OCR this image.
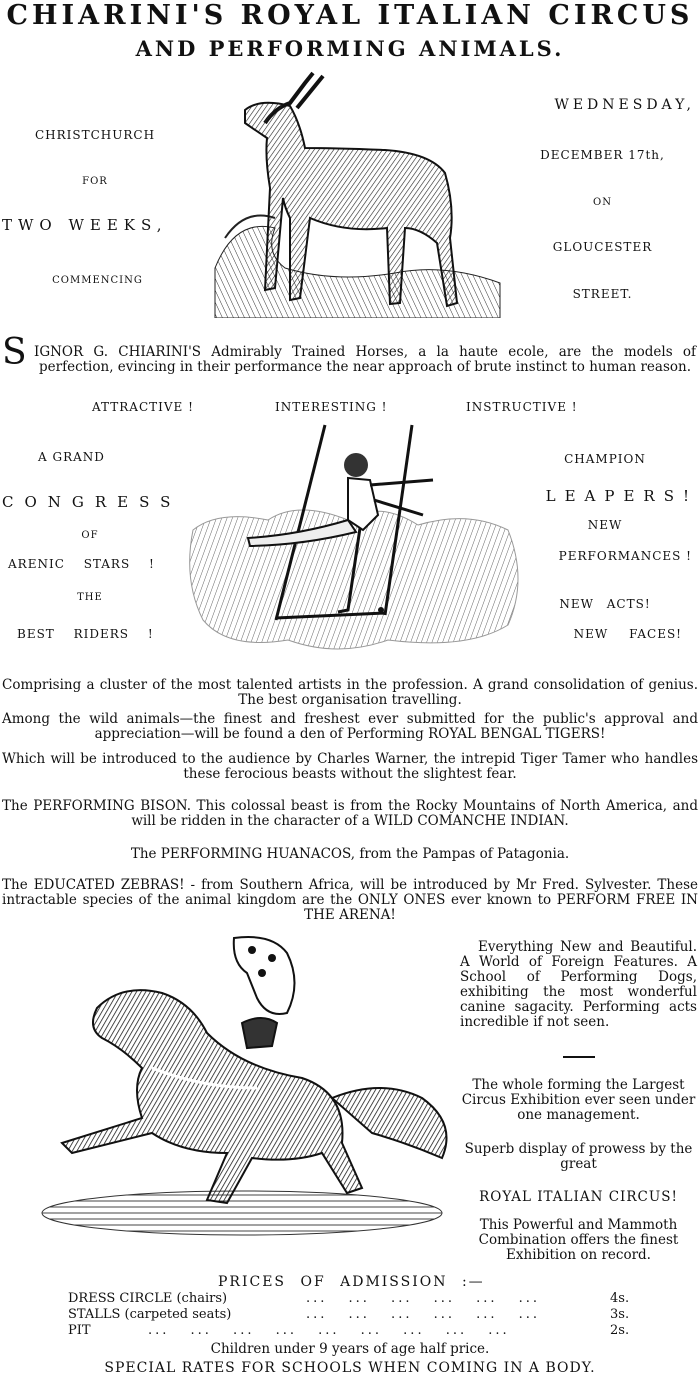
CHIARINI'S ROYAL ITALIAN CIRCUS
AND PERFORMING ANIMALS.
CHRISTCHURCH
FOR
TWO WEEKS,
COMMENCING
WEDNESDAY,
DECEMBER 17th,
ON
GLOUCESTER
STREET.
S IGNOR G. CHIARINI'S Admirably Trained Horses, a la haute ecole, are the models of perfection, evincing in their performance the near approach of brute instinct to human reason.
ATTRACTIVE !	INTERESTING !	INSTRUCTIVE !
A GRAND
CONGRESS
OF
ARENIC STARS !
THE
BEST RIDERS !
CHAMPION
LEAPERS!
NEW
PERFORMANCES !
NEW ACTS!
NEW FACES!
Comprising a cluster of the most talented artists in the profession. A grand consolidation of genius. The best organisation travelling.
Among the wild animals—the finest and freshest ever submitted for the public's approval and appreciation—will be found a den of Performing ROYAL BENGAL TIGERS!
Which will be introduced to the audience by Charles Warner, the intrepid Tiger Tamer who handles these ferocious beasts without the slightest fear.
The PERFORMING BISON. This colossal beast is from the Rocky Mountains of North America, and will be ridden in the character of a WILD COMANCHE INDIAN.
The PERFORMING HUANACOS, from the Pampas of Patagonia.
The EDUCATED ZEBRAS! - from Southern Africa, will be introduced by Mr Fred. Sylvester. These intractable species of the animal kingdom are the ONLY ONES ever known to PERFORM FREE IN THE ARENA!
Everything New and Beautiful. A World of Foreign Features. A School of Performing Dogs, exhibiting the most wonderful canine sagacity. Performing acts incredible if not seen.
The whole forming the Largest Circus Exhibition ever seen under one management.
Superb display of prowess by the great
ROYAL ITALIAN CIRCUS!
This Powerful and Mammoth Combination offers the finest Exhibition on record.
PRICES OF ADMISSION :—
DRESS CIRCLE (chairs)	... ... ... ... ... ...	4s.
STALLS (carpeted seats)	... ... ... ... ... ...	3s.
PIT	... ... ... ... ... ... ... ... ...	2s.
Children under 9 years of age half price.
SPECIAL RATES FOR SCHOOLS WHEN COMING IN A BODY.
